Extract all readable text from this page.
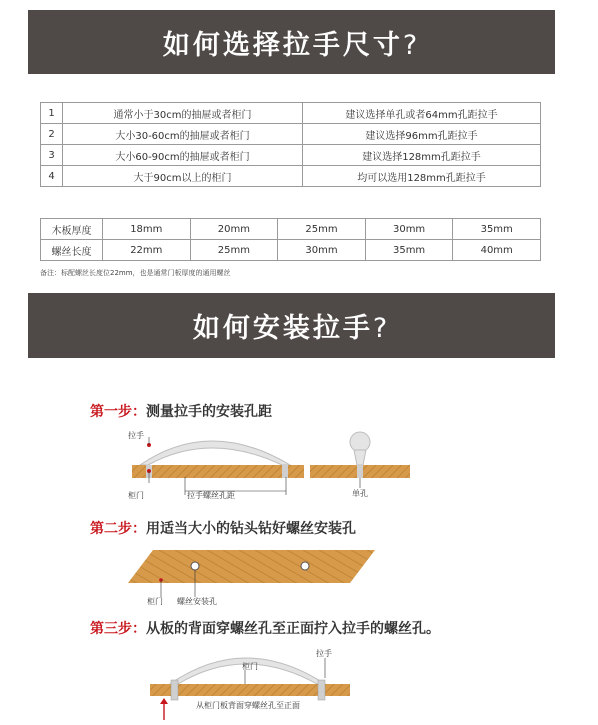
如何选择拉手尺寸?
1	通常小于30cm的抽屉或者柜门	建议选择单孔或者64mm孔距拉手
2	大小30-60cm的抽屉或者柜门	建议选择96mm孔距拉手
3	大小60-90cm的抽屉或者柜门	建议选择128mm孔距拉手
4	大于90cm以上的柜门	均可以选用128mm孔距拉手
木板厚度	18mm	20mm	25mm	30mm	35mm
螺丝长度	22mm	25mm	30mm	35mm	40mm
备注：标配螺丝长度位22mm，也是通常门板厚度的通用螺丝
如何安装拉手?
第一步：测量拉手的安装孔距
拉手
柜门	拉手螺丝孔距	单孔
第二步：用适当大小的钻头钻好螺丝安装孔
柜门 螺丝安装孔
第三步：从板的背面穿螺丝孔至正面拧入拉手的螺丝孔。
柜门
拉手
从柜门板背面穿螺丝孔至正面
